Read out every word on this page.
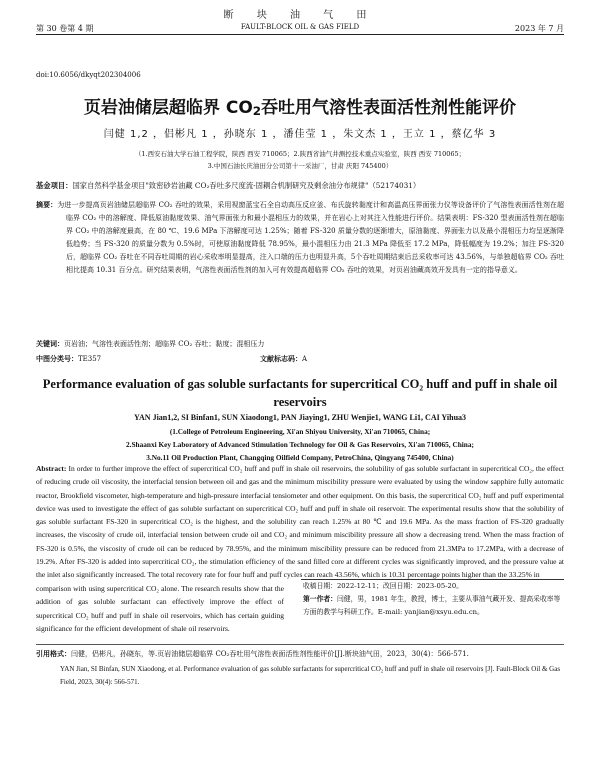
断 块 油 气 田
第 30 卷第 4 期	FAULT-BLOCK OIL & GAS FIELD	2023 年 7 月
doi:10.6056/dkyqt202304006
页岩油储层超临界 $CO_2$吞吐用气溶性表面活性剂性能评价
闫健 1,2 ，侣彬凡 1 ，孙晓东 1 ，潘佳莹 1 ，朱文杰 1 ，王立 1 ，蔡亿华 3
（1.西安石油大学石油工程学院，陕西 西安 710065；2.陕西省油气井测控技术重点实验室，陕西 西安 710065；
3.中国石油长庆油田分公司第十一采油厂，甘肃 庆阳 745400）
基金项目：国家自然科学基金项目"致密砂岩油藏 CO₂吞吐多尺度流-固耦合机制研究及剩余油分布规律"（52174031）
摘要：为进一步提高页岩油储层超临界 CO₂ 吞吐的效果，采用视窗蓝宝石全自动高压反应釜、布氏旋转黏度计和高温高压界面张力仪等设备评价了气溶性表面活性剂在超临界 CO₂ 中的溶解度、降低原油黏度效果、油气界面张力和最小混相压力的效果，并在岩心上对其注入性能进行评价。结果表明：FS-320 型表面活性剂在超临界 CO₂ 中的溶解度最高，在 80 ℃、19.6 MPa 下溶解度可达 1.25%；随着 FS-320 质量分数的逐渐增大，原油黏度、界面张力以及最小混相压力均呈逐渐降低趋势；当 FS-320 的质量分数为 0.5%时，可使原油黏度降低 78.95%，最小混相压力由 21.3 MPa 降低至 17.2 MPa，降低幅度为 19.2%；加注 FS-320 后，超临界 CO₂ 吞吐在不同吞吐周期的岩心采收率明显提高，注入口端的压力也明显升高，5个吞吐周期结束后总采收率可达 43.56%，与单独超临界 CO₂ 吞吐相比提高 10.31 百分点。研究结果表明，气溶性表面活性剂的加入可有效提高超临界 CO₂ 吞吐的效果，对页岩油藏高效开发具有一定的指导意义。
关键词：页岩油；气溶性表面活性剂；超临界 CO₂ 吞吐；黏度；混相压力
中图分类号：TE357	文献标志码：A
Performance evaluation of gas soluble surfactants for supercritical CO₂ huff and puff in shale oil reservoirs
YAN Jian1,2, SI Binfan1, SUN Xiaodong1, PAN Jiaying1, ZHU Wenjie1, WANG Li1, CAI Yihua3
(1.College of Petroleum Engineering, Xi'an Shiyou University, Xi'an 710065, China;
2.Shaanxi Key Laboratory of Advanced Stimulation Technology for Oil & Gas Reservoirs, Xi'an 710065, China;
3.No.11 Oil Production Plant, Changqing Oilfield Company, PetroChina, Qingyang 745400, China)
Abstract: In order to further improve the effect of supercritical CO₂ huff and puff in shale oil reservoirs, the solubility of gas soluble surfactant in supercritical CO₂, the effect of reducing crude oil viscosity, the interfacial tension between oil and gas and the minimum miscibility pressure were evaluated by using the window sapphire fully automatic reactor, Brookfield viscometer, high-temperature and high-pressure interfacial tensiometer and other equipment. On this basis, the supercritical CO₂ huff and puff experimental device was used to investigate the effect of gas soluble surfactant on supercritical CO₂ huff and puff in shale oil reservoir. The experimental results show that the solubility of gas soluble surfactant FS-320 in supercritical CO₂ is the highest, and the solubility can reach 1.25% at 80 ℃ and 19.6 MPa. As the mass fraction of FS-320 gradually increases, the viscosity of crude oil, interfacial tension between crude oil and CO₂ and minimum miscibility pressure all show a decreasing trend. When the mass fraction of FS-320 is 0.5%, the viscosity of crude oil can be reduced by 78.95%, and the minimum miscibility pressure can be reduced from 21.3MPa to 17.2MPa, with a decrease of 19.2%. After FS-320 is added into supercritical CO₂, the stimulation efficiency of the sand filled core at different cycles was significantly improved, and the pressure value at the inlet also significantly increased. The total recovery rate for four huff and puff cycles can reach 43.56%, which is 10.31 percentage points higher than the 33.25% in
comparison with using supercritical CO₂ alone. The research results show that the addition of gas soluble surfactant can effectively improve the effect of supercritical CO₂ huff and puff in shale oil reservoirs, which has certain guiding significance for the efficient development of shale oil reservoirs.
收稿日期：2022-12-11；改回日期：2023-05-20。
第一作者：闫健，男，1981 年生，教授，博士，主要从事油气藏开发、提高采收率等方面的教学与科研工作。E-mail: yanjian@xsyu.edu.cn。
引用格式：闫健，侣彬凡，孙晓东，等.页岩油储层超临界 CO₂吞吐用气溶性表面活性剂性能评价[J].断块油气田，2023，30(4)：566-571.
YAN Jian, SI Binfan, SUN Xiaodong, et al. Performance evaluation of gas soluble surfactants for supercritical CO₂ huff and puff in shale oil reservoirs [J]. Fault-Block Oil & Gas Field, 2023, 30(4): 566-571.
